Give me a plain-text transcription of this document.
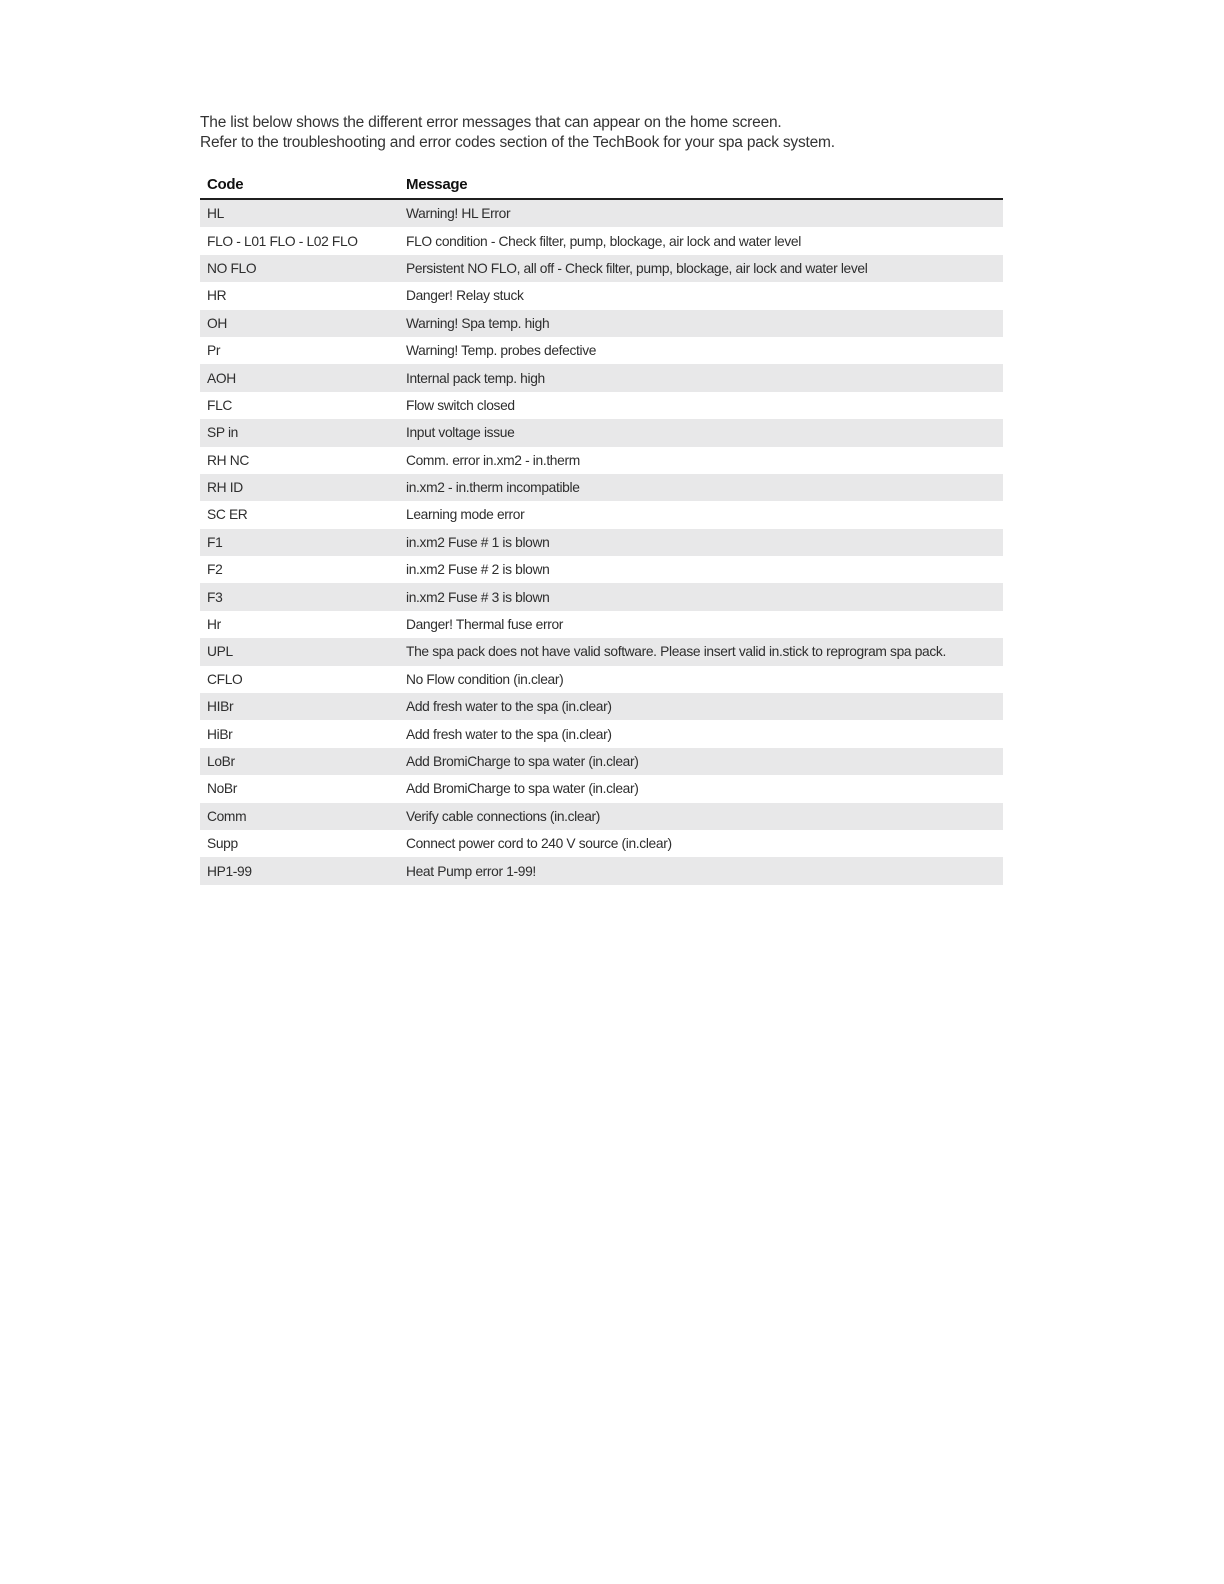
The list below shows the different error messages that can appear on the home screen.

Refer to the troubleshooting and error codes section of the TechBook for your spa pack system.

Code	Message
HL	Warning! HL Error
FLO - L01 FLO - L02 FLO	FLO condition - Check filter, pump, blockage, air lock and water level
NO FLO	Persistent NO FLO, all off - Check filter, pump, blockage, air lock and water level
HR	Danger! Relay stuck
OH	Warning! Spa temp. high
Pr	Warning! Temp. probes defective
AOH	Internal pack temp. high
FLC	Flow switch closed
SP in	Input voltage issue
RH NC	Comm. error in.xm2 - in.therm
RH ID	in.xm2 - in.therm incompatible
SC ER	Learning mode error
F1	in.xm2 Fuse # 1 is blown
F2	in.xm2 Fuse # 2 is blown
F3	in.xm2 Fuse # 3 is blown
Hr	Danger! Thermal fuse error
UPL	The spa pack does not have valid software. Please insert valid in.stick to reprogram spa pack.
CFLO	No Flow condition (in.clear)
HIBr	Add fresh water to the spa (in.clear)
HiBr	Add fresh water to the spa (in.clear)
LoBr	Add BromiCharge to spa water (in.clear)
NoBr	Add BromiCharge to spa water (in.clear)
Comm	Verify cable connections (in.clear)
Supp	Connect power cord to 240 V source (in.clear)
HP1-99	Heat Pump error 1-99!
